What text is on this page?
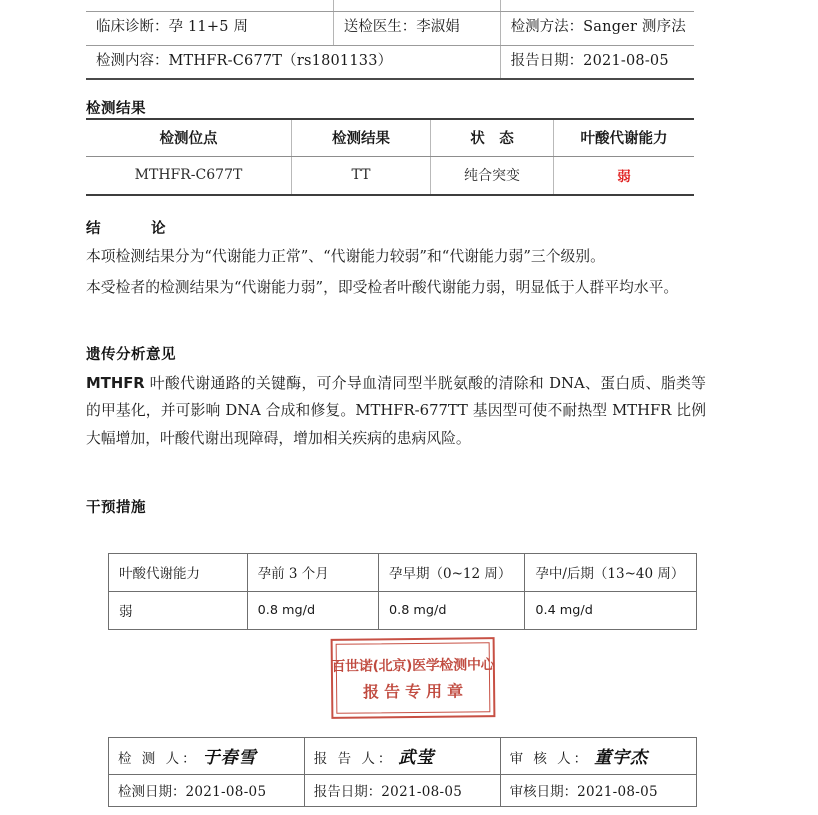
临床诊断：孕 11+5 周	送检医生：李淑娟	检测方法：Sanger 测序法
检测内容：MTHFR-C677T（rs1801133）		报告日期：2021-08-05
检测结果
检测位点	检测结果	状　态	叶酸代谢能力
MTHFR-C677T	TT	纯合突变	弱
结　论
本项检测结果分为“代谢能力正常”、“代谢能力较弱”和“代谢能力弱”三个级别。
本受检者的检测结果为“代谢能力弱”，即受检者叶酸代谢能力弱，明显低于人群平均水平。
遗传分析意见
MTHFR 叶酸代谢通路的关键酶，可介导血清同型半胱氨酸的清除和 DNA、蛋白质、脂类等的甲基化，并可影响 DNA 合成和修复。MTHFR-677TT 基因型可使不耐热型 MTHFR 比例大幅增加，叶酸代谢出现障碍，增加相关疾病的患病风险。
干预措施
叶酸代谢能力	孕前 3 个月	孕早期（0~12 周）	孕中/后期（13~40 周）
弱	0.8 mg/d	0.8 mg/d	0.4 mg/d
百世诺(北京)医学检测中心
报告专用章
检 测 人： 于春雪	报 告 人： 武莹	审 核 人： 董宇杰
检测日期：2021-08-05	报告日期：2021-08-05	审核日期：2021-08-05
